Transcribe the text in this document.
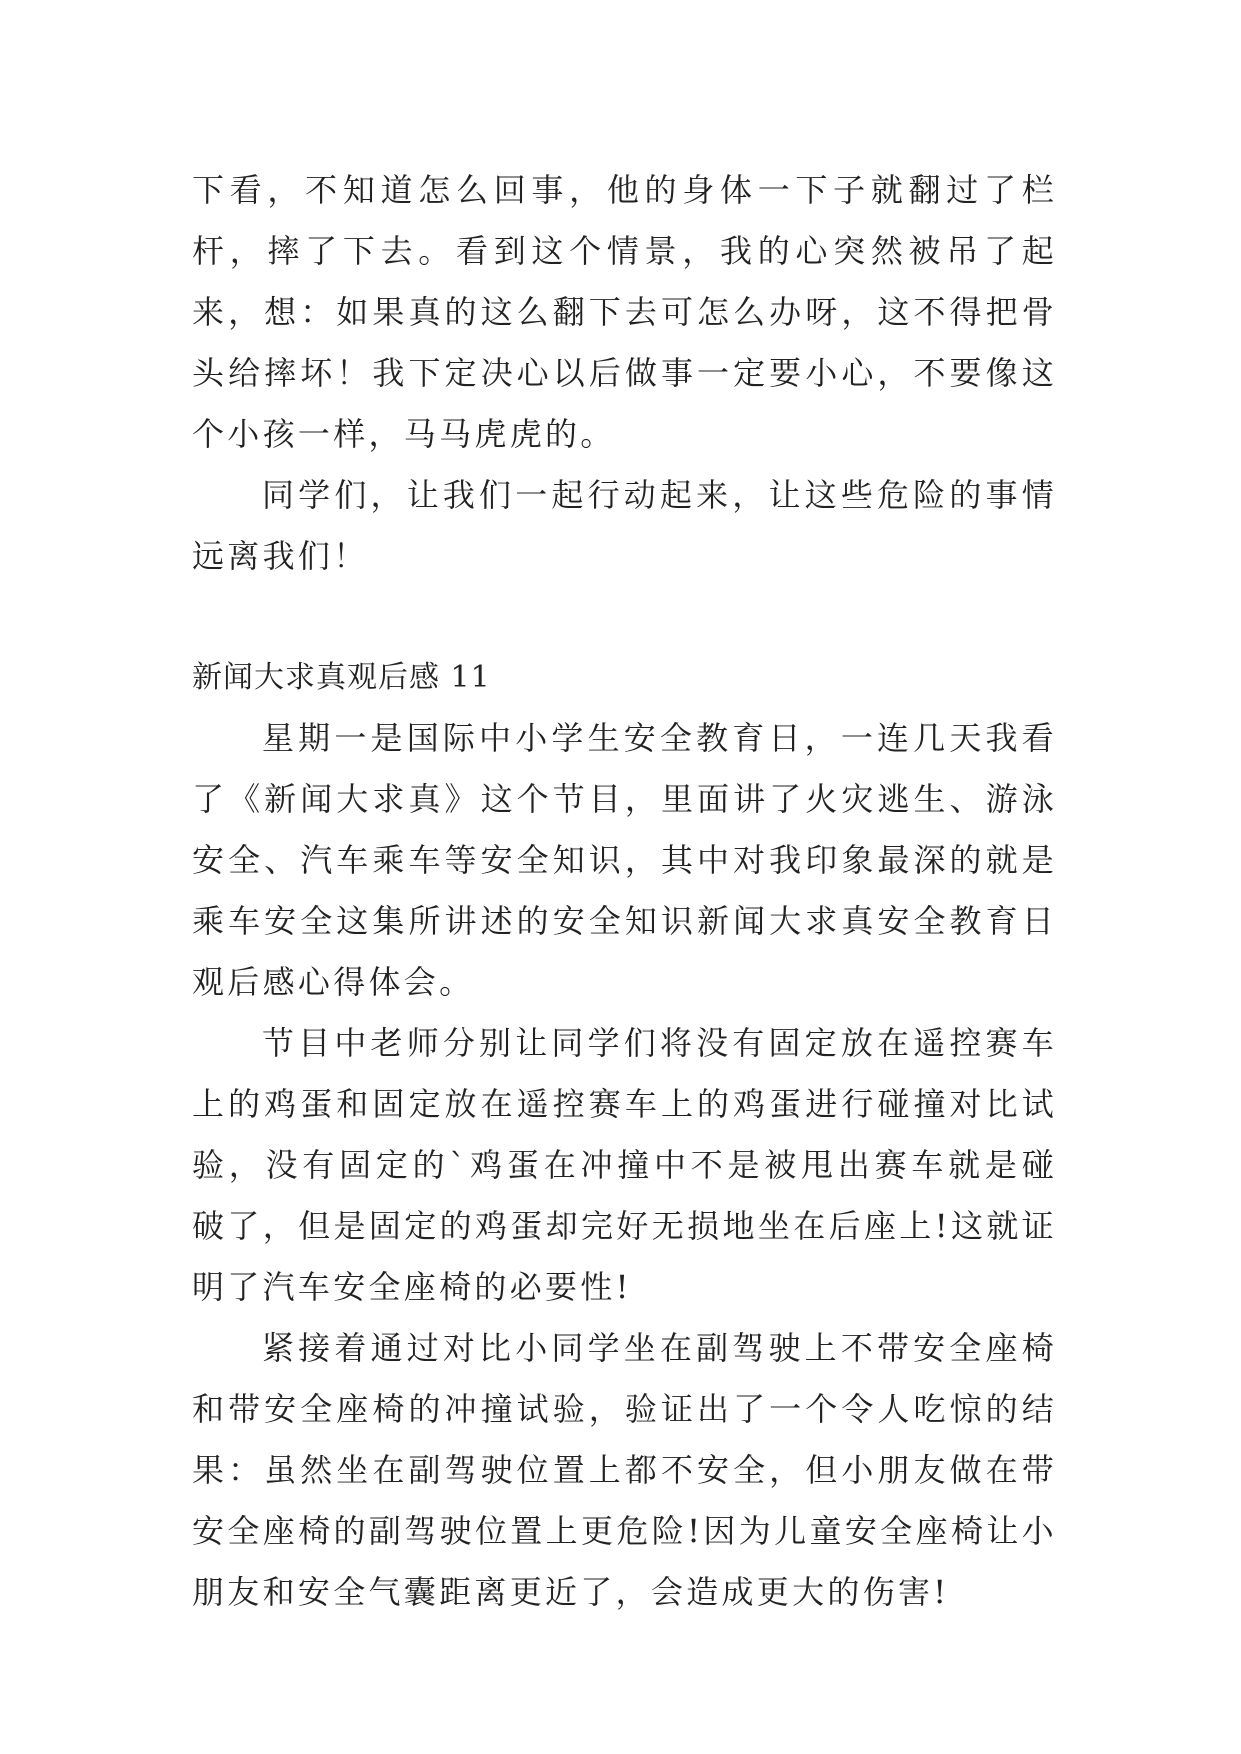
下看，不知道怎么回事，他的身体一下子就翻过了栏杆，摔了下去。看到这个情景，我的心突然被吊了起来，想：如果真的这么翻下去可怎么办呀，这不得把骨头给摔坏！我下定决心以后做事一定要小心，不要像这个小孩一样，马马虎虎的。

同学们，让我们一起行动起来，让这些危险的事情远离我们！

新闻大求真观后感 11

星期一是国际中小学生安全教育日，一连几天我看了《新闻大求真》这个节目，里面讲了火灾逃生、游泳安全、汽车乘车等安全知识，其中对我印象最深的就是乘车安全这集所讲述的安全知识新闻大求真安全教育日观后感心得体会。

节目中老师分别让同学们将没有固定放在遥控赛车上的鸡蛋和固定放在遥控赛车上的鸡蛋进行碰撞对比试验，没有固定的`鸡蛋在冲撞中不是被甩出赛车就是碰破了，但是固定的鸡蛋却完好无损地坐在后座上!这就证明了汽车安全座椅的必要性!

紧接着通过对比小同学坐在副驾驶上不带安全座椅和带安全座椅的冲撞试验，验证出了一个令人吃惊的结果：虽然坐在副驾驶位置上都不安全，但小朋友做在带安全座椅的副驾驶位置上更危险!因为儿童安全座椅让小朋友和安全气囊距离更近了，会造成更大的伤害!
